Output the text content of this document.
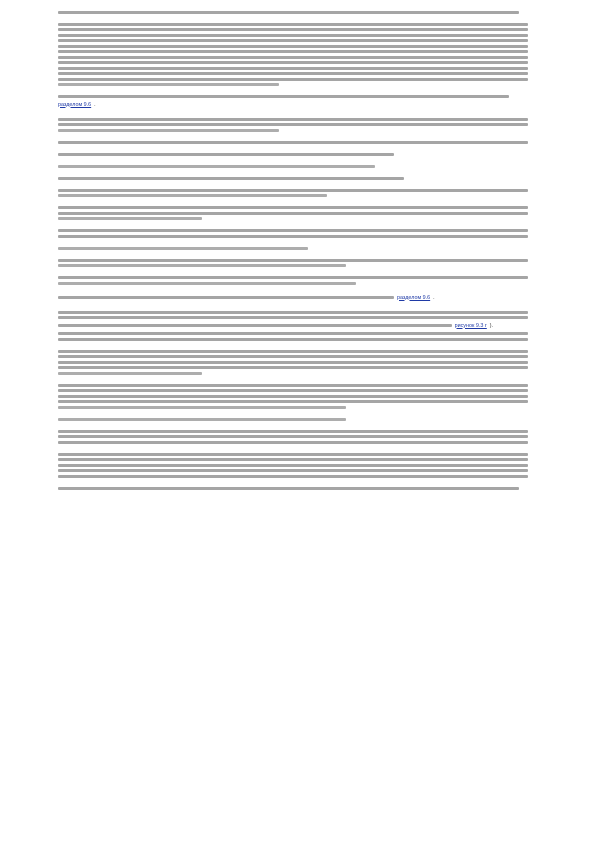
разделом 9.6 .
разделом 9.6 .
рисунок 9.3 г ).
